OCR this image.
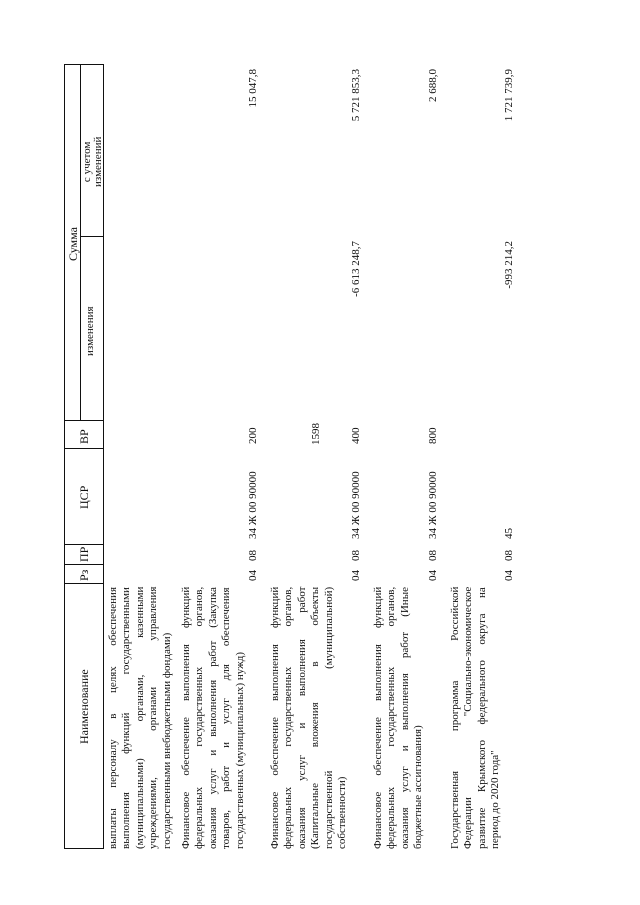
1598
Наименование
Рз
ПР
ЦСР
ВР
Сумма
изменения
с учетом изменений
выплаты персоналу в целях обеспечения выполнения функций государственными (муниципальными) органами, казенными учреждениями, органами управления государственными внебюджетными фондами) Финансовое обеспечение выполнения функций федеральных государственных органов, оказания услуг и выполнения работ (Закупка товаров, работ и услуг для обеспечения государственных (муниципальных) нужд)
04
08
34 Ж 00 90000
200
15 047,8
Финансовое обеспечение выполнения функций федеральных государственных органов, оказания услуг и выполнения работ (Капитальные вложения в объекты государственной (муниципальной) собственности)
04
08
34 Ж 00 90000
400
-6 613 248,7
5 721 853,3
Финансовое обеспечение выполнения функций федеральных государственных органов, оказания услуг и выполнения работ (Иные бюджетные ассигнования)
04
08
34 Ж 00 90000
800
2 688,0
Государственная программа Российской Федерации "Социально-экономическое развитие Крымского федерального округа на период до 2020 года"
04
08
45
-993 214,2
1 721 739,9
